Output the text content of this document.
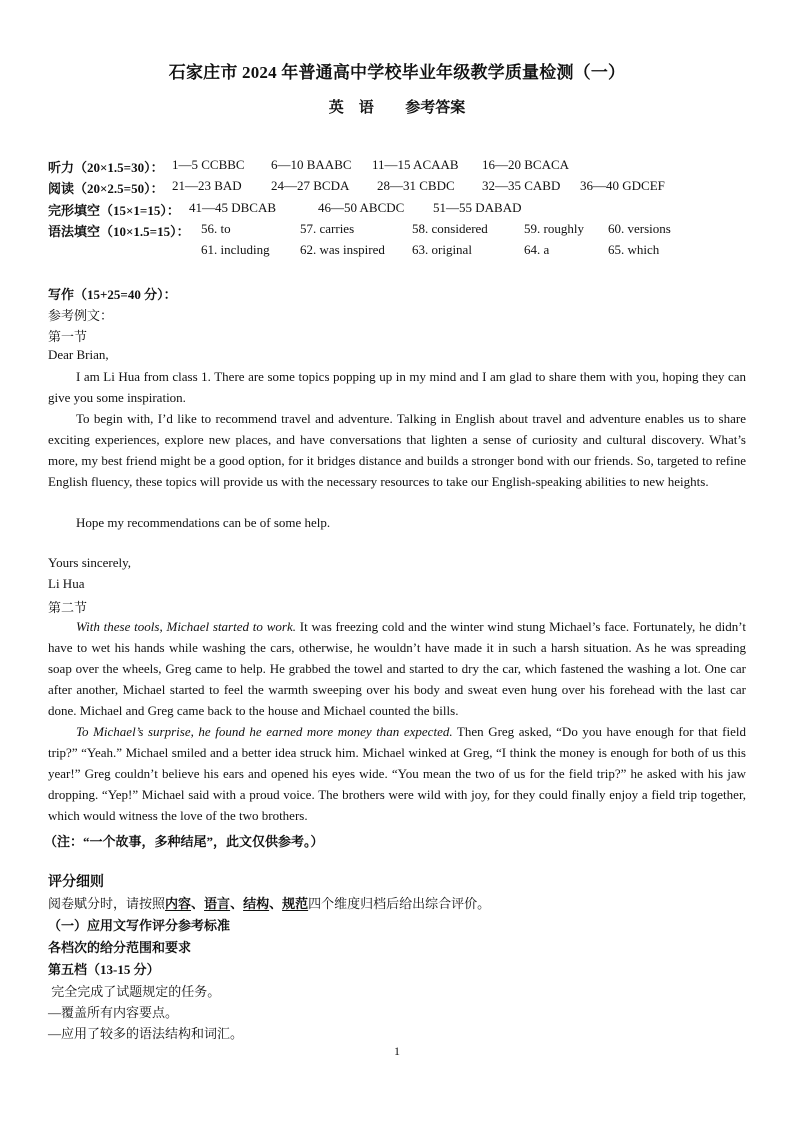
石家庄市 2024 年普通高中学校毕业年级教学质量检测（一）
英    语 参考答案
听力（20×1.5=30）： 1—5 CCBBC 6—10 BAABC 11—15 ACAAB 16—20 BCACA
阅读（20×2.5=50）： 21—23 BAD 24—27 BCDA 28—31 CBDC 32—35 CABD 36—40 GDCEF
完形填空（15×1=15）： 41—45 DBCAB	46—50 ABCDC 51—55 DABAD
语法填空（10×1.5=15）： 56. to	57. carries	58. considered	59. roughly 60. versions
61. including 62. was inspired 63. original	64. a	65. which
写作（15+25=40 分）：
参考例文：
第一节
Dear Brian,
I am Li Hua from class 1. There are some topics popping up in my mind and I am glad to share them with you, hoping they can give you some inspiration.
To begin with, I’d like to recommend travel and adventure. Talking in English about travel and adventure enables us to share exciting experiences, explore new places, and have conversations that lighten a sense of curiosity and cultural discovery. What’s more, my best friend might be a good option, for it bridges distance and builds a stronger bond with our friends. So, targeted to refine English fluency, these topics will provide us with the necessary resources to take our English-speaking abilities to new heights.
Hope my recommendations can be of some help.
Yours sincerely,
Li Hua
第二节
With these tools, Michael started to work. It was freezing cold and the winter wind stung Michael’s face. Fortunately, he didn’t have to wet his hands while washing the cars, otherwise, he wouldn’t have made it in such a harsh situation. As he was spreading soap over the wheels, Greg came to help. He grabbed the towel and started to dry the car, which fastened the washing a lot. One car after another, Michael started to feel the warmth sweeping over his body and sweat even hung over his forehead with the last car done. Michael and Greg came back to the house and Michael counted the bills.
To Michael’s surprise, he found he earned more money than expected. Then Greg asked, “Do you have enough for that field trip?” “Yeah.” Michael smiled and a better idea struck him. Michael winked at Greg, “I think the money is enough for both of us this year!” Greg couldn’t believe his ears and opened his eyes wide. “You mean the two of us for the field trip?” he asked with his jaw dropping. “Yep!” Michael said with a proud voice. The brothers were wild with joy, for they could finally enjoy a field trip together, which would witness the love of the two brothers.
（注：“一个故事，多种结尾”，此文仅供参考。）
评分细则
阅卷赋分时，请按照内容、语言、结构、规范四个维度归档后给出综合评价。
（一）应用文写作评分参考标准
各档次的给分范围和要求
第五档（13-15 分）
完全完成了试题规定的任务。
—覆盖所有内容要点。
—应用了较多的语法结构和词汇。
1
